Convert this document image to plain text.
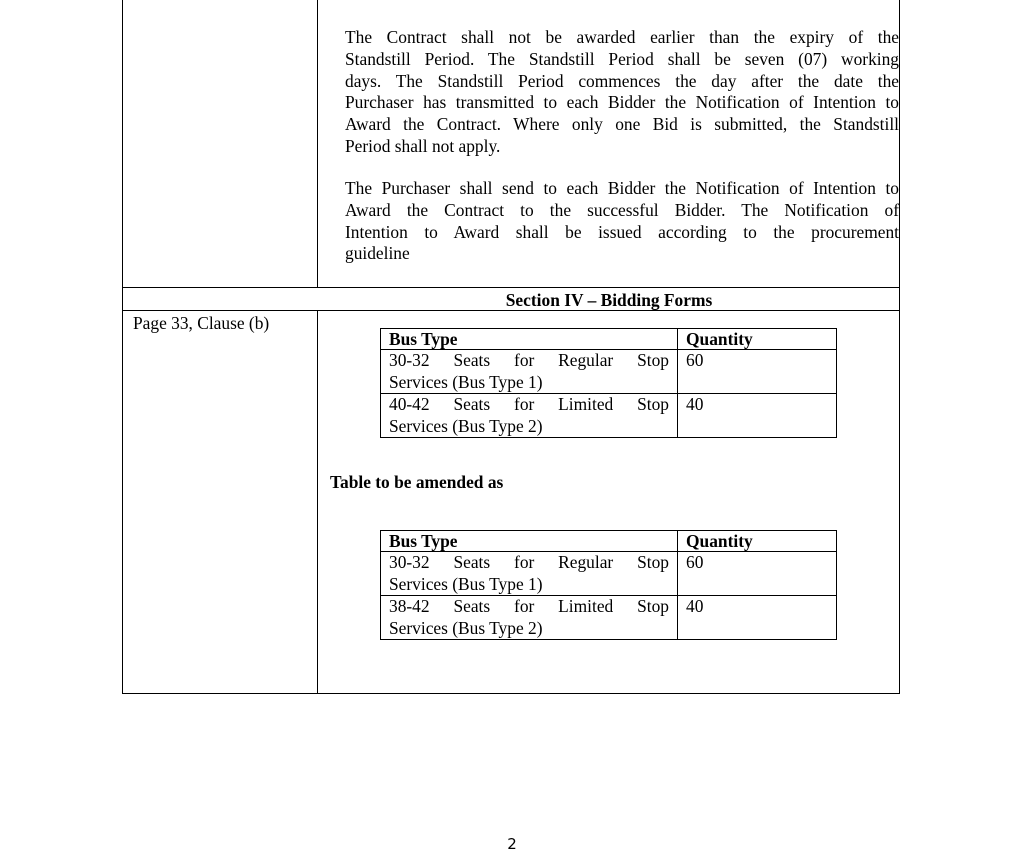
The Contract shall not be awarded earlier than the expiry of the
Standstill Period. The Standstill Period shall be seven (07) working
days. The Standstill Period commences the day after the date the
Purchaser has transmitted to each Bidder the Notification of Intention to
Award the Contract. Where only one Bid is submitted, the Standstill
Period shall not apply.
The Purchaser shall send to each Bidder the Notification of Intention to
Award the Contract to the successful Bidder. The Notification of
Intention to Award shall be issued according to the procurement
guideline
Section IV – Bidding Forms
Page 33, Clause (b)
Bus Type	Quantity

30-32 Seats for Regular Stop
Services (Bus Type 1)	60

40-42 Seats for Limited Stop
Services (Bus Type 2)	40
Table to be amended as
Bus Type	Quantity

30-32 Seats for Regular Stop
Services (Bus Type 1)	60

38-42 Seats for Limited Stop
Services (Bus Type 2)	40
2
